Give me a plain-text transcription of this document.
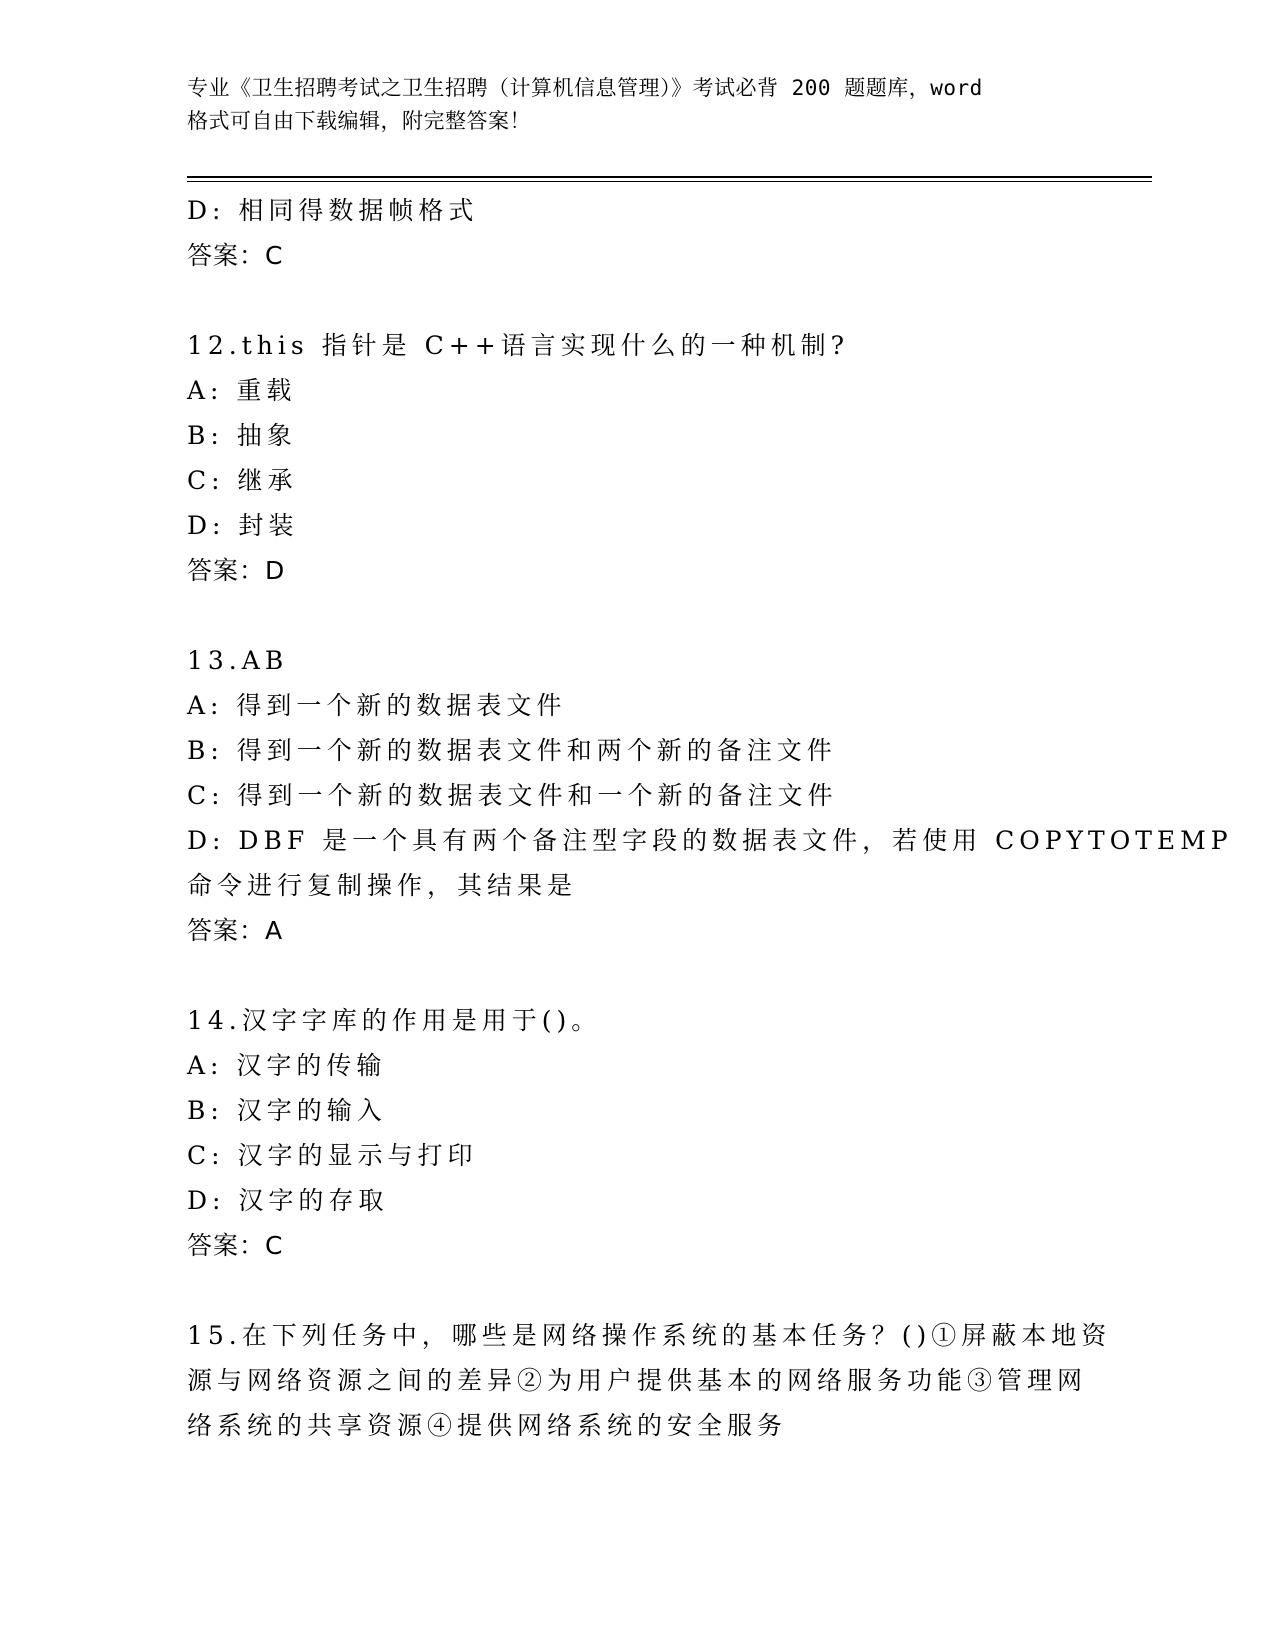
专业《卫生招聘考试之卫生招聘（计算机信息管理）》考试必背 200 题题库，word
格式可自由下载编辑，附完整答案！
D: 相同得数据帧格式
答案：C
12.this 指针是 C++语言实现什么的一种机制?
A: 重载
B: 抽象
C: 继承
D: 封装
答案：D
13.AB
A: 得到一个新的数据表文件
B: 得到一个新的数据表文件和两个新的备注文件
C: 得到一个新的数据表文件和一个新的备注文件
D: DBF 是一个具有两个备注型字段的数据表文件，若使用 COPYTOTEMP
命令进行复制操作，其结果是
答案：A
14.汉字字库的作用是用于()。
A: 汉字的传输
B: 汉字的输入
C: 汉字的显示与打印
D: 汉字的存取
答案：C
15.在下列任务中，哪些是网络操作系统的基本任务？()①屏蔽本地资
源与网络资源之间的差异②为用户提供基本的网络服务功能③管理网
络系统的共享资源④提供网络系统的安全服务
